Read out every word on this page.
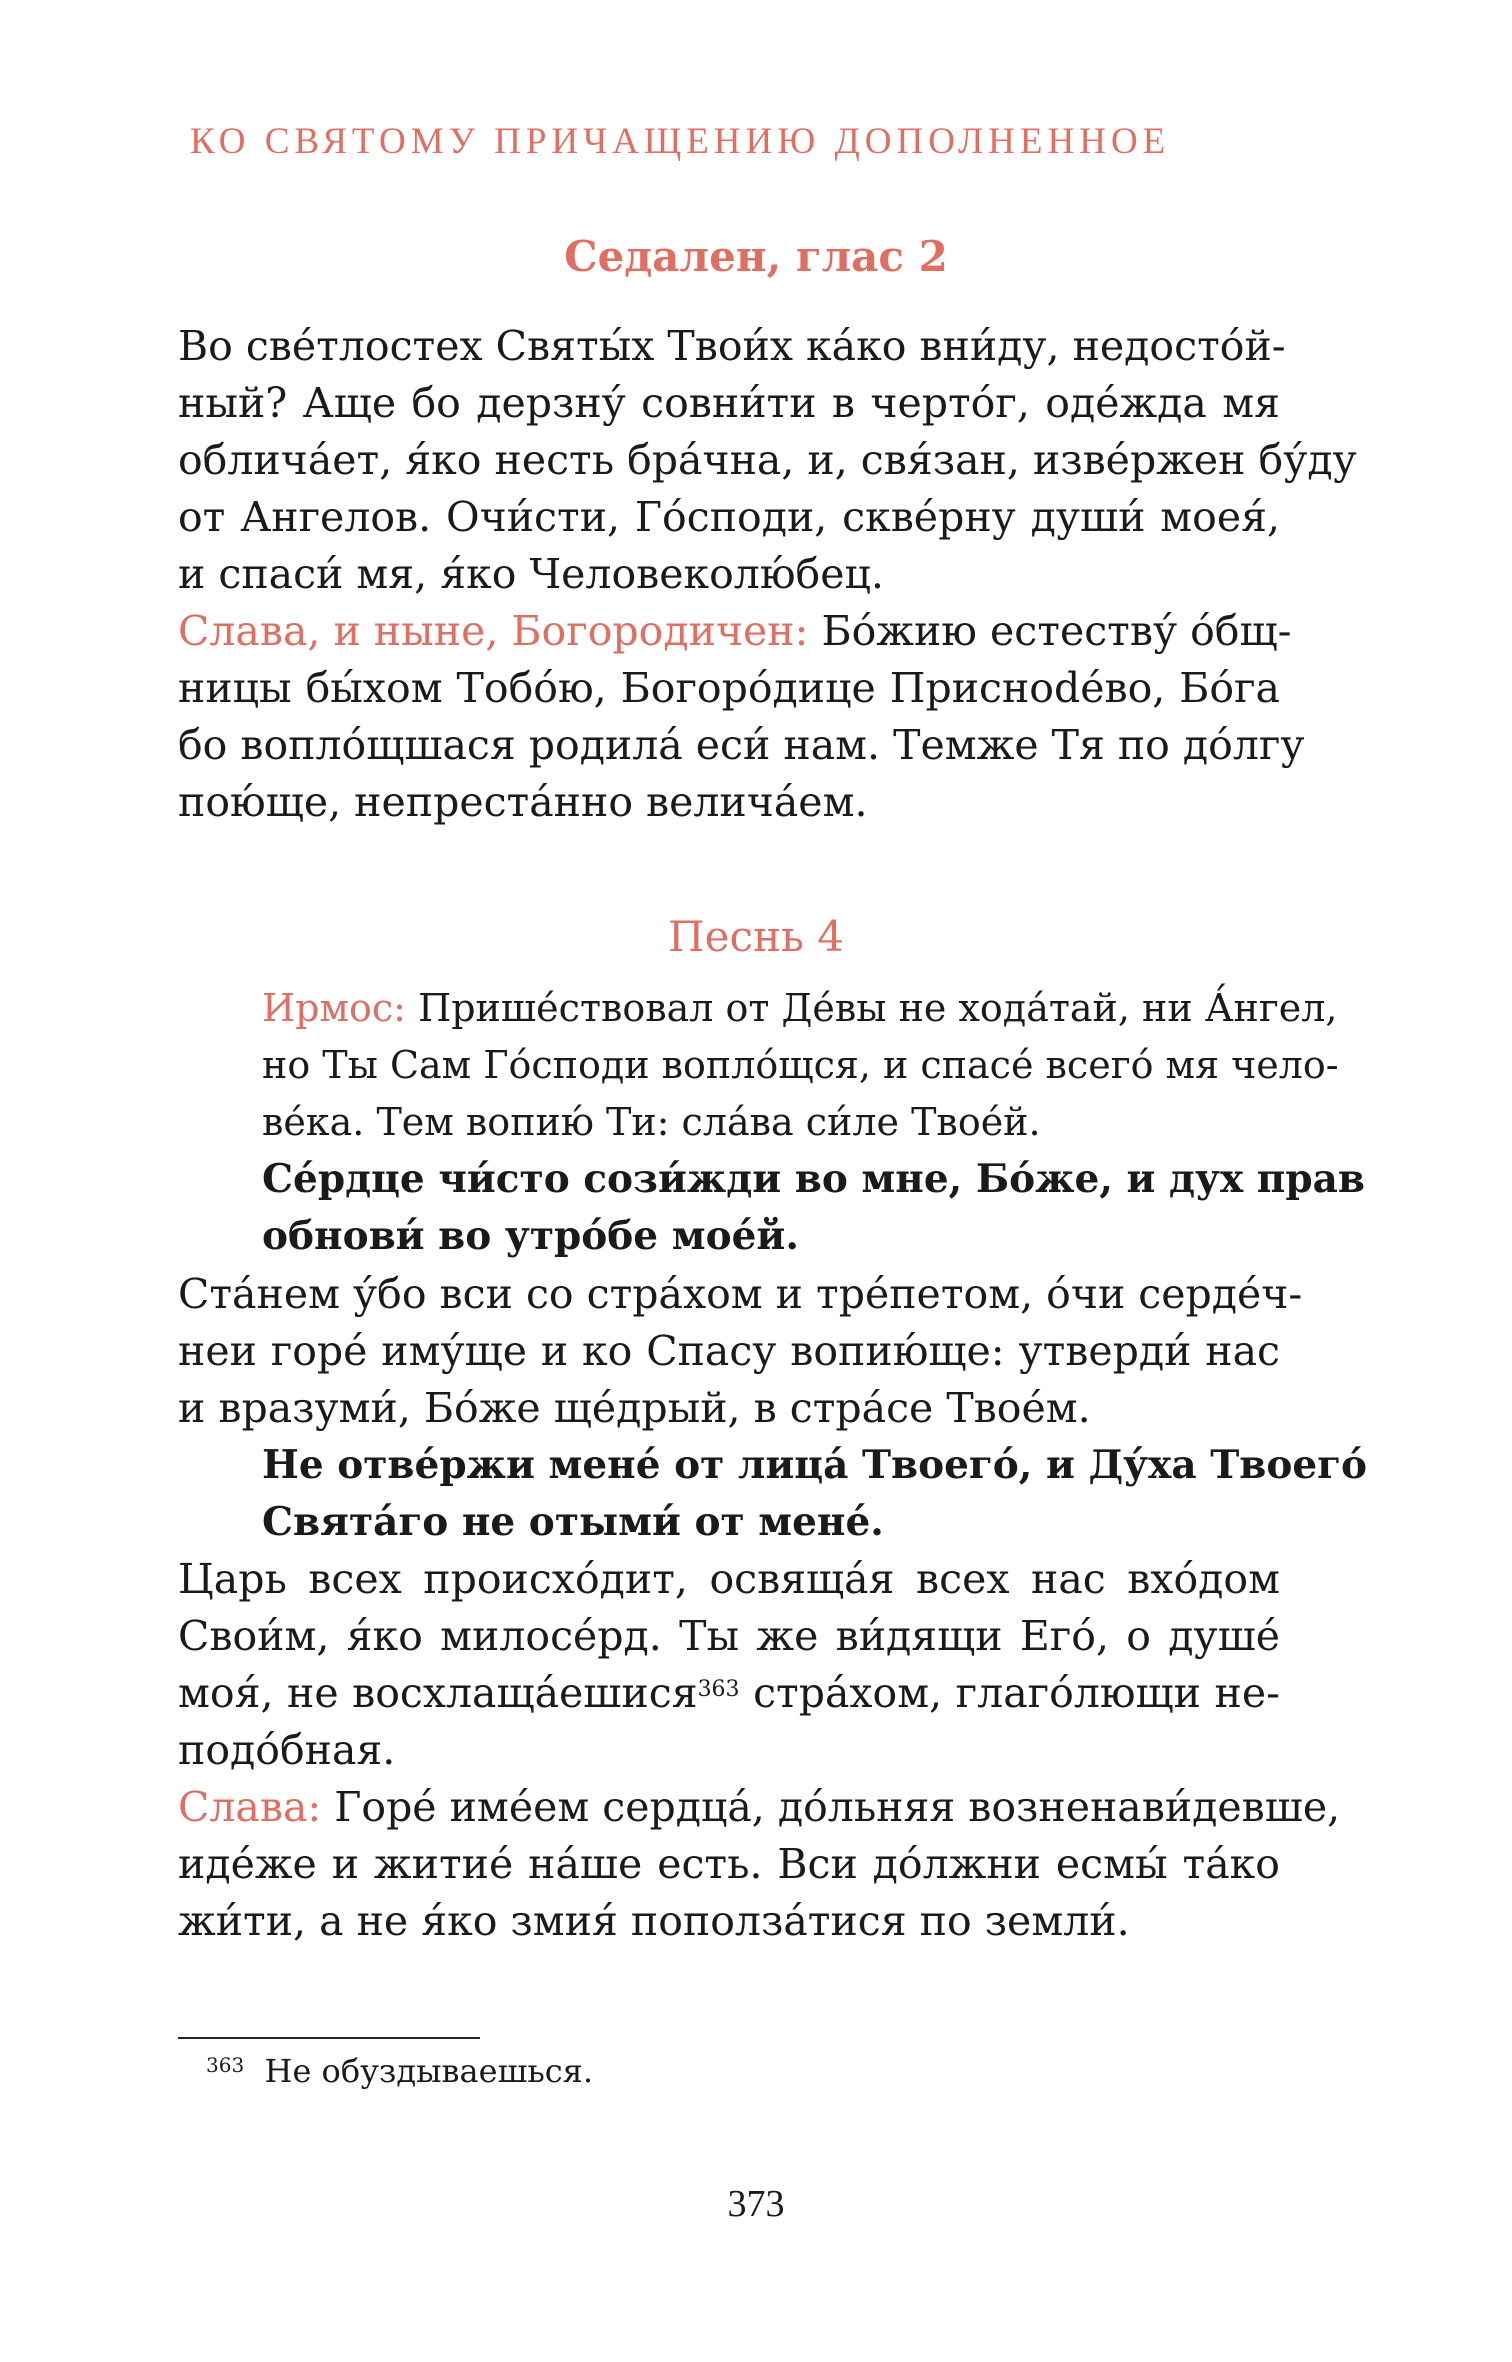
КО СВЯТОМУ ПРИЧАЩЕНИЮ ДОПОЛНЕННОЕ
Седален, глас 2
Во све́тлостех Святы́х Твои́х ка́ко вни́ду, недосто́й-
ный? Аще бо дерзну́ совни́ти в черто́г, оде́жда мя
облича́ет, я́ко несть бра́чна, и, свя́зан, изве́ржен бу́ду
от Ангелов. Очи́сти, Го́споди, скве́рну души́ моея́,
и спаси́ мя, я́ко Человеколю́бец.
Слава, и ныне, Богородичен: Бо́жию естеству́ о́бщ-
ницы бы́хом Тобо́ю, Богоро́дице Приснodéво, Бо́га
бо вопло́щшася родила́ еси́ нам. Темже Тя по до́лгу
пою́ще, непреста́нно велича́ем.
Песнь 4
Ирмос: Прише́ствовал от Де́вы не хода́тай, ни А́нгел,
но Ты Сам Го́споди вопло́щся, и спасе́ всего́ мя чело-
ве́ка. Тем вопию́ Ти: сла́ва си́ле Твое́й.
Се́рдце чи́сто сози́жди во мне, Бо́же, и дух прав
обнови́ во утро́бе мое́й.
Ста́нем у́бо вси со стра́хом и тре́петом, о́чи серде́ч-
неи горе́ иму́ще и ко Спасу вопию́ще: утверди́ нас
и вразуми́, Бо́же ще́дрый, в стра́се Твое́м.
Не отве́ржи мене́ от лица́ Твоего́, и Ду́ха Твоего́
Свята́го не отыми́ от мене́.
Царь всех происхо́дит, освяща́я всех нас вхо́дом
Свои́м, я́ко милосе́рд. Ты же ви́дящи Его́, о душе́
моя́, не восхлаща́ешися$^{363}$ стра́хом, глаго́лющи не-
подо́бная.
Слава: Горе́ име́ем сердца́, до́льняя возненави́девше,
иде́же и житие́ на́ше есть. Вси до́лжни есмы́ та́ко
жи́ти, а не я́ко змия́ пополза́тися по земли́.
$^{363}$ Не обуздываешься.
373
